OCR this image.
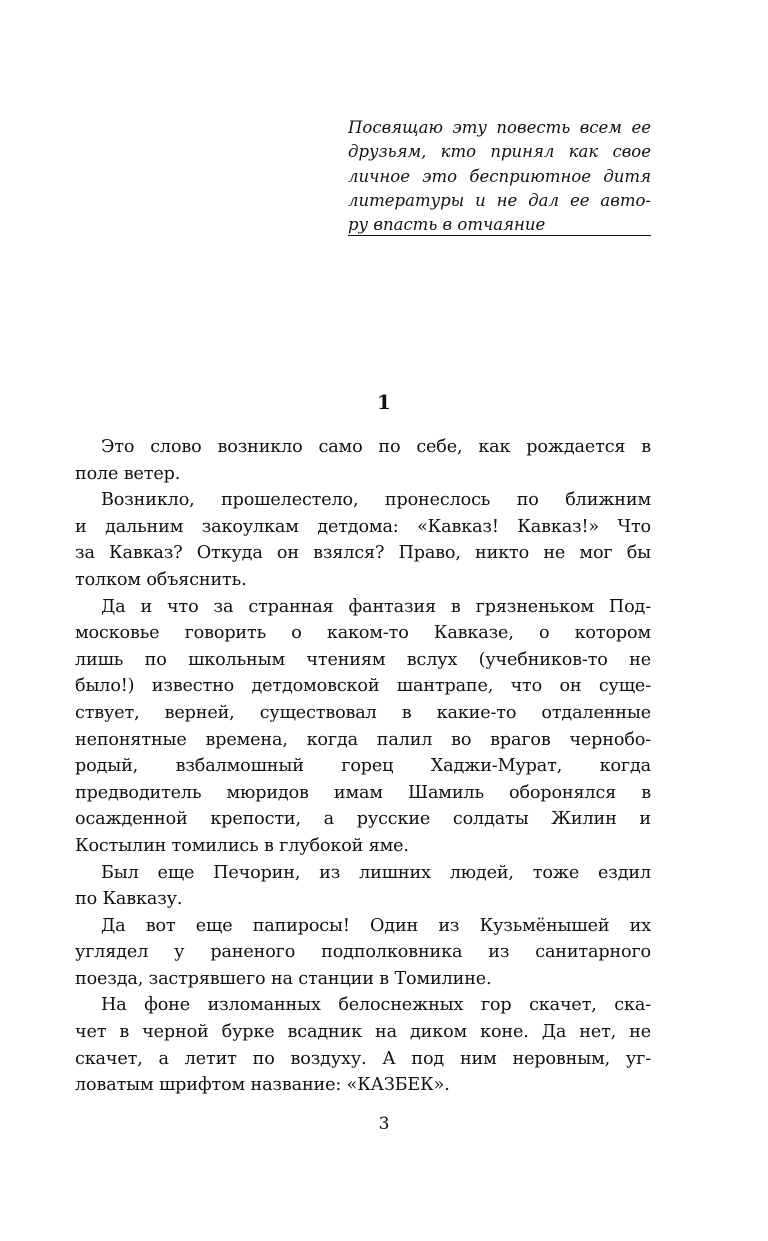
Посвящаю эту повесть всем ее
друзьям, кто принял как свое
личное это бесприютное дитя
литературы и не дал ее авто-
ру впасть в отчаяние
1
Это слово возникло само по себе, как рождается в
поле ветер.
Возникло, прошелестело, пронеслось по ближним
и дальним закоулкам детдома: «Кавказ! Кавказ!» Что
за Кавказ? Откуда он взялся? Право, никто не мог бы
толком объяснить.
Да и что за странная фантазия в грязненьком Под-
московье говорить о каком-то Кавказе, о котором
лишь по школьным чтениям вслух (учебников-то не
было!) известно детдомовской шантрапе, что он суще-
ствует, верней, существовал в какие-то отдаленные
непонятные времена, когда палил во врагов чернобо-
родый, взбалмошный горец Хаджи-Мурат, когда
предводитель мюридов имам Шамиль оборонялся в
осажденной крепости, а русские солдаты Жилин и
Костылин томились в глубокой яме.
Был еще Печорин, из лишних людей, тоже ездил
по Кавказу.
Да вот еще папиросы! Один из Кузьмёнышей их
углядел у раненого подполковника из санитарного
поезда, застрявшего на станции в Томилине.
На фоне изломанных белоснежных гор скачет, ска-
чет в черной бурке всадник на диком коне. Да нет, не
скачет, а летит по воздуху. А под ним неровным, уг-
ловатым шрифтом название: «КАЗБЕК».
3
